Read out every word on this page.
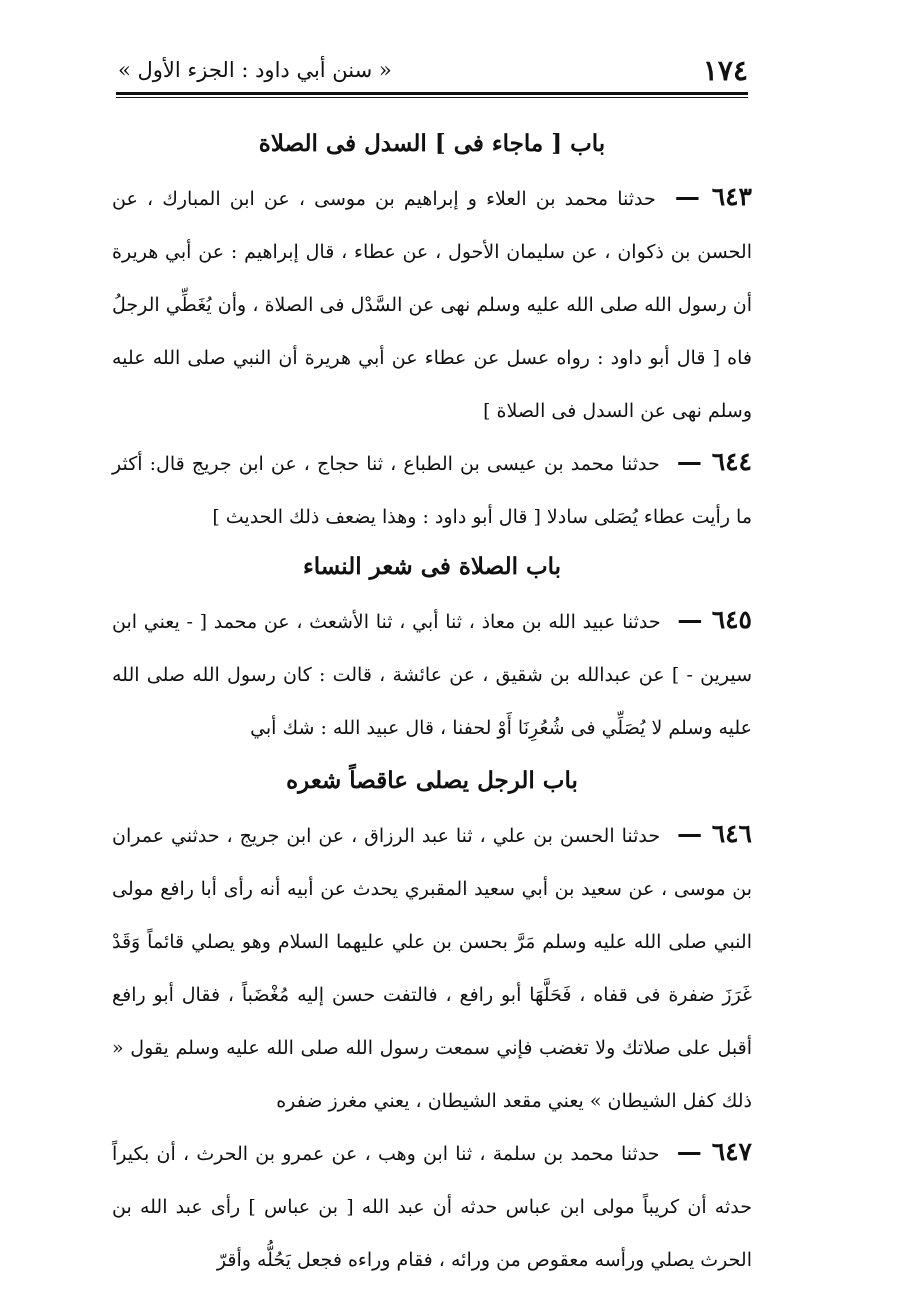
١٧٤
« سنن أبي داود : الجزء الأول »
باب [ ماجاء فى ] السدل فى الصلاة

٦٤٣ — حدثنا محمد بن العلاء و إبراهيم بن موسى ، عن ابن المبارك ، عن الحسن بن ذكوان ، عن سليمان الأحول ، عن عطاء ، قال إبراهيم : عن أبي هريرة أن رسول الله صلى الله عليه وسلم نهى عن السَّدْل فى الصلاة ، وأن يُغَطِّي الرجلُ فاه [ قال أبو داود : رواه عسل عن عطاء عن أبي هريرة أن النبي صلى الله عليه وسلم نهى عن السدل فى الصلاة ]

٦٤٤ — حدثنا محمد بن عيسى بن الطباع ، ثنا حجاج ، عن ابن جريج قال: أكثر ما رأيت عطاء يُصَلى سادلا [ قال أبو داود : وهذا يضعف ذلك الحديث ]

باب الصلاة فى شعر النساء

٦٤٥ — حدثنا عبيد الله بن معاذ ، ثنا أبي ، ثنا الأشعث ، عن محمد [ - يعني ابن سيرين - ] عن عبدالله بن شقيق ، عن عائشة ، قالت : كان رسول الله صلى الله عليه وسلم لا يُصَلِّي فى شُعُرِنَا أَوْ لحفنا ، قال عبيد الله : شك أبي

باب الرجل يصلى عاقصاً شعره

٦٤٦ — حدثنا الحسن بن علي ، ثنا عبد الرزاق ، عن ابن جريج ، حدثني عمران بن موسى ، عن سعيد بن أبي سعيد المقبري يحدث عن أبيه أنه رأى أبا رافع مولى النبي صلى الله عليه وسلم مَرَّ بحسن بن علي عليهما السلام وهو يصلي قائماً وَقَدْ غَرَزَ ضفرة فى قفاه ، فَحَلَّهَا أبو رافع ، فالتفت حسن إليه مُغْضَباً ، فقال أبو رافع أقبل على صلاتك ولا تغضب فإني سمعت رسول الله صلى الله عليه وسلم يقول « ذلك كفل الشيطان » يعني مقعد الشيطان ، يعني مغرز ضفره

٦٤٧ — حدثنا محمد بن سلمة ، ثنا ابن وهب ، عن عمرو بن الحرث ، أن بكيراً حدثه أن كريباً مولى ابن عباس حدثه أن عبد الله [ بن عباس ] رأى عبد الله بن الحرث يصلي ورأسه معقوص من ورائه ، فقام وراءه فجعل يَحُلُّه وأقرّ
